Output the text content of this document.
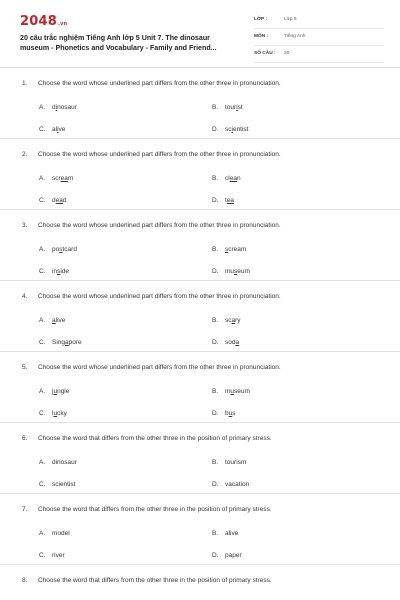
2048.vn
20 câu trắc nghiệm Tiếng Anh lớp 5 Unit 7. The dinosaur museum - Phonetics and Vocabulary - Family and Friend...
LỚP :	Lớp 5
MÔN :	Tiếng Anh
SỐ CÂU : 20
1. Choose the word whose underlined part differs from the other three in pronunciation.
A. dinosaur	B. tourist
C. alive	D. scientist
2. Choose the word whose underlined part differs from the other three in pronunciation.
A. scream	B. clean
C. dead	D. tea
3. Choose the word whose underlined part differs from the other three in pronunciation.
A. postcard	B. scream
C. inside	D. museum
4. Choose the word whose underlined part differs from the other three in pronunciation.
A. alive	B. scary
C. Singapore	D. soda
5. Choose the word whose underlined part differs from the other three in pronunciation.
A. jungle	B. museum
C. lucky	D. bus
6. Choose the word that differs from the other three in the position of primary stress.
A. dinosaur	B. tourism
C. scientist	D. vacation
7. Choose the word that differs from the other three in the position of primary stress.
A. model	B. alive
C. river	D. paper
8. Choose the word that differs from the other three in the position of primary stress.
